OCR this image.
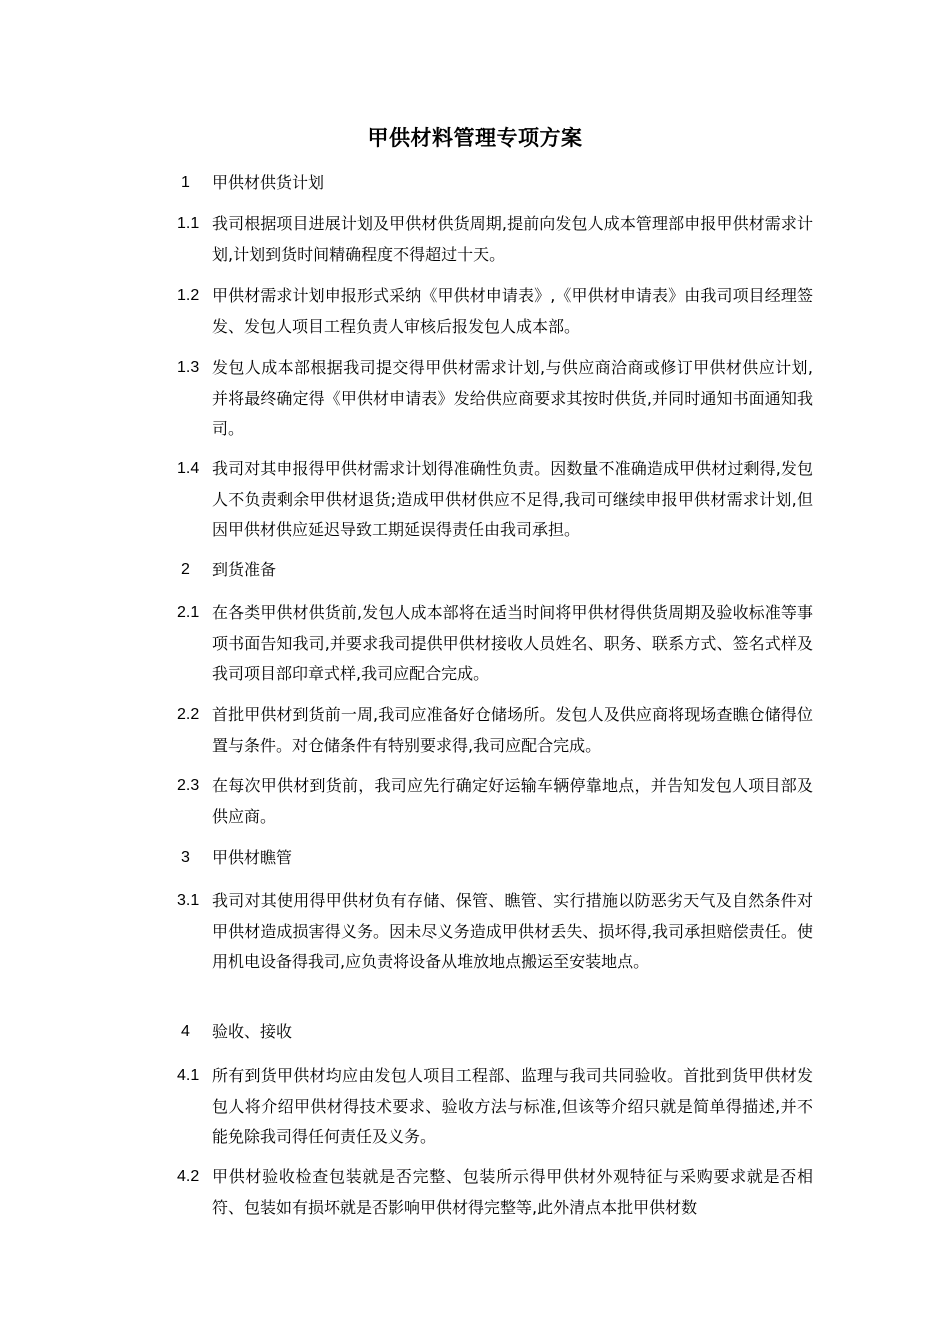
甲供材料管理专项方案
1	甲供材供货计划
1.1 我司根据项目进展计划及甲供材供货周期,提前向发包人成本管理部申报甲供材需求计划,计划到货时间精确程度不得超过十天。
1.2 甲供材需求计划申报形式采纳《甲供材申请表》,《甲供材申请表》由我司项目经理签发、发包人项目工程负责人审核后报发包人成本部。
1.3 发包人成本部根据我司提交得甲供材需求计划,与供应商洽商或修订甲供材供应计划,并将最终确定得《甲供材申请表》发给供应商要求其按时供货,并同时通知书面通知我司。
1.4 我司对其申报得甲供材需求计划得准确性负责。因数量不准确造成甲供材过剩得,发包人不负责剩余甲供材退货;造成甲供材供应不足得,我司可继续申报甲供材需求计划,但因甲供材供应延迟导致工期延误得责任由我司承担。
2	到货准备
2.1 在各类甲供材供货前,发包人成本部将在适当时间将甲供材得供货周期及验收标准等事项书面告知我司,并要求我司提供甲供材接收人员姓名、职务、联系方式、签名式样及我司项目部印章式样,我司应配合完成。
2.2 首批甲供材到货前一周,我司应准备好仓储场所。发包人及供应商将现场查瞧仓储得位置与条件。对仓储条件有特别要求得,我司应配合完成。
2.3 在每次甲供材到货前，我司应先行确定好运输车辆停靠地点，并告知发包人项目部及供应商。
3	甲供材瞧管
3.1 我司对其使用得甲供材负有存储、保管、瞧管、实行措施以防恶劣天气及自然条件对甲供材造成损害得义务。因未尽义务造成甲供材丢失、损坏得,我司承担赔偿责任。使用机电设备得我司,应负责将设备从堆放地点搬运至安装地点。
4	验收、接收
4.1 所有到货甲供材均应由发包人项目工程部、监理与我司共同验收。首批到货甲供材发包人将介绍甲供材得技术要求、验收方法与标准,但该等介绍只就是简单得描述,并不能免除我司得任何责任及义务。
4.2 甲供材验收检查包装就是否完整、包装所示得甲供材外观特征与采购要求就是否相符、包装如有损坏就是否影响甲供材得完整等,此外清点本批甲供材数
